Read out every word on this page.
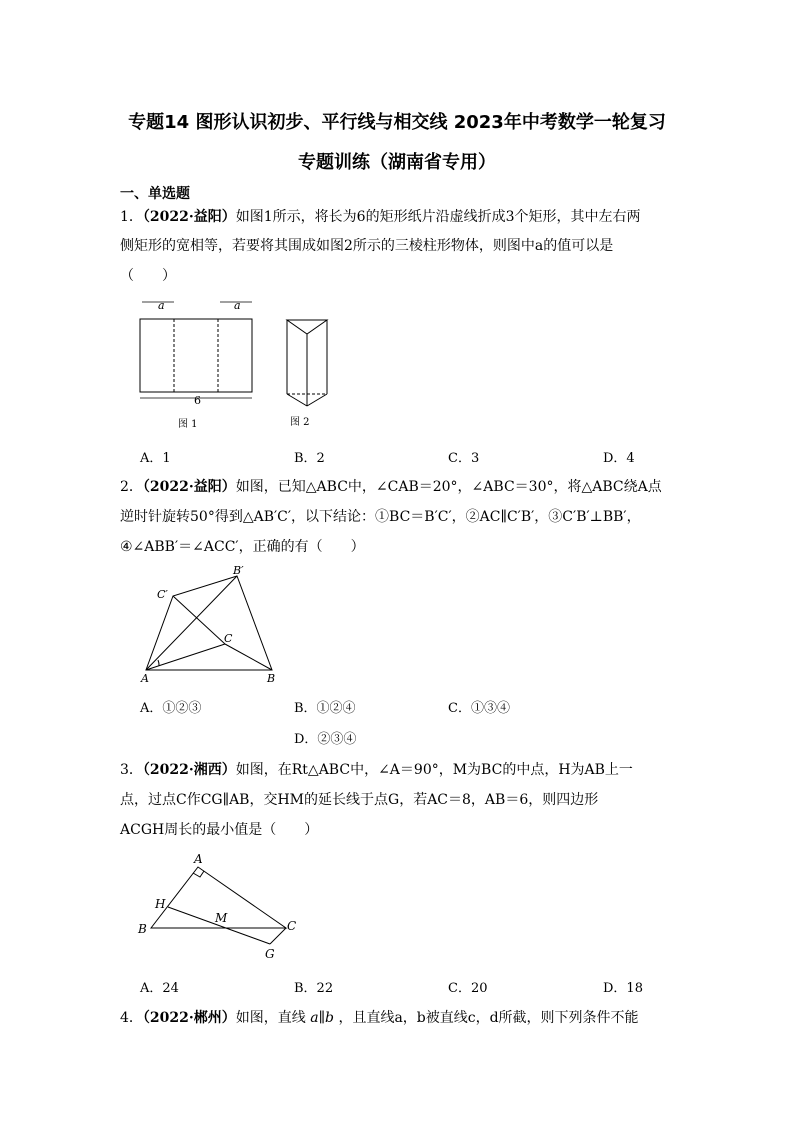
专题14 图形认识初步、平行线与相交线 2023年中考数学一轮复习
专题训练（湖南省专用）
一、单选题
1．（2022·益阳）如图1所示，将长为6的矩形纸片沿虚线折成3个矩形，其中左右两
侧矩形的宽相等，若要将其围成如图2所示的三棱柱形物体，则图中a的值可以是
（　　）
a	a
6
图 1	图 2
A．1	B．2	C．3	D．4
2．（2022·益阳）如图，已知△ABC中，∠CAB＝20°，∠ABC＝30°，将△ABC绕A点
逆时针旋转50°得到△AB′C′，以下结论：①BC＝B′C′，②AC∥C′B′，③C′B′⊥BB′，
④∠ABB′＝∠ACC′，正确的有（　　）
A	B
C
B′
C′
A．①②③	B．①②④	C．①③④
D．②③④
3．（2022·湘西）如图，在Rt△ABC中，∠A＝90°，M为BC的中点，H为AB上一
点，过点C作CG∥AB，交HM的延长线于点G，若AC＝8，AB＝6，则四边形
ACGH周长的最小值是（　　）
A
B	C
H
M
G
A．24	B．22	C．20	D．18
4．（2022·郴州）如图，直线 a∥b ，且直线a，b被直线c，d所截，则下列条件不能
